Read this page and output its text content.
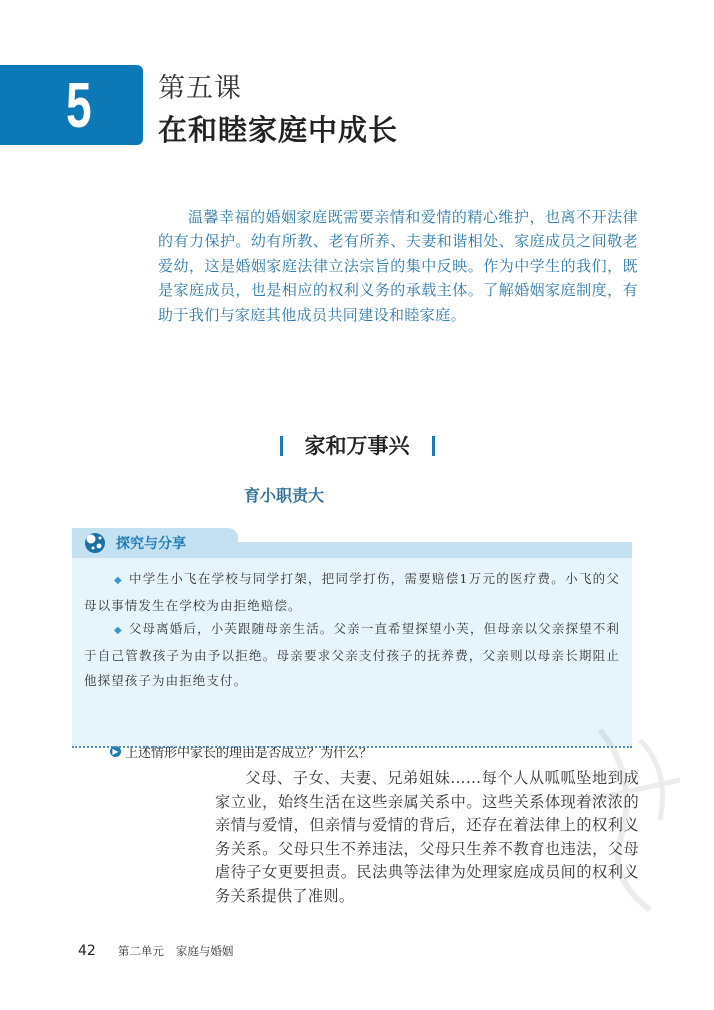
5 第五课
在和睦家庭中成长

温馨幸福的婚姻家庭既需要亲情和爱情的精心维护，也离不开法律的有力保护。幼有所教、老有所养、夫妻和谐相处、家庭成员之间敬老爱幼，这是婚姻家庭法律立法宗旨的集中反映。作为中学生的我们，既是家庭成员，也是相应的权利义务的承载主体。了解婚姻家庭制度，有助于我们与家庭其他成员共同建设和睦家庭。

家和万事兴
育小职责大
探究与分享

◆ 中学生小飞在学校与同学打架，把同学打伤，需要赔偿1万元的医疗费。小飞的父母以事情发生在学校为由拒绝赔偿。

◆ 父母离婚后，小芙跟随母亲生活。父亲一直希望探望小芙，但母亲以父亲探望不利于自己管教孩子为由予以拒绝。母亲要求父亲支付孩子的抚养费，父亲则以母亲长期阻止他探望孩子为由拒绝支付。

▶ 上述情形中家长的理由是否成立？为什么？

父母、子女、夫妻、兄弟姐妹……每个人从呱呱坠地到成家立业，始终生活在这些亲属关系中。这些关系体现着浓浓的亲情与爱情，但亲情与爱情的背后，还存在着法律上的权利义务关系。父母只生不养违法，父母只生养不教育也违法，父母虐待子女更要担责。民法典等法律为处理家庭成员间的权利义务关系提供了准则。

42 第二单元 家庭与婚姻
